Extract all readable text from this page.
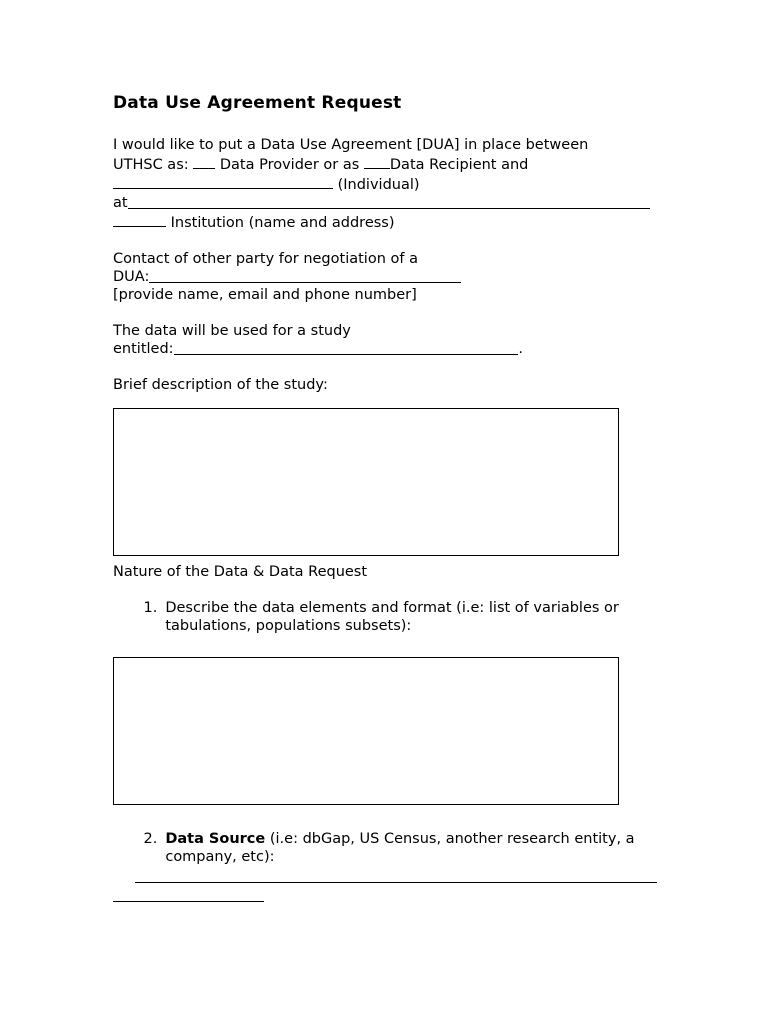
Data Use Agreement Request

I would like to put a Data Use Agreement [DUA] in place between

UTHSC as:  Data Provider or as Data Recipient and

(Individual)

at

Institution (name and address)

Contact of other party for negotiation of a

DUA:

[provide name, email and phone number]

The data will be used for a study

entitled:	.

Brief description of the study:

Nature of the Data & Data Request

1. Describe the data elements and format (i.e: list of variables or tabulations, populations subsets):
2. Data Source (i.e: dbGap, US Census, another research entity, a company, etc):
